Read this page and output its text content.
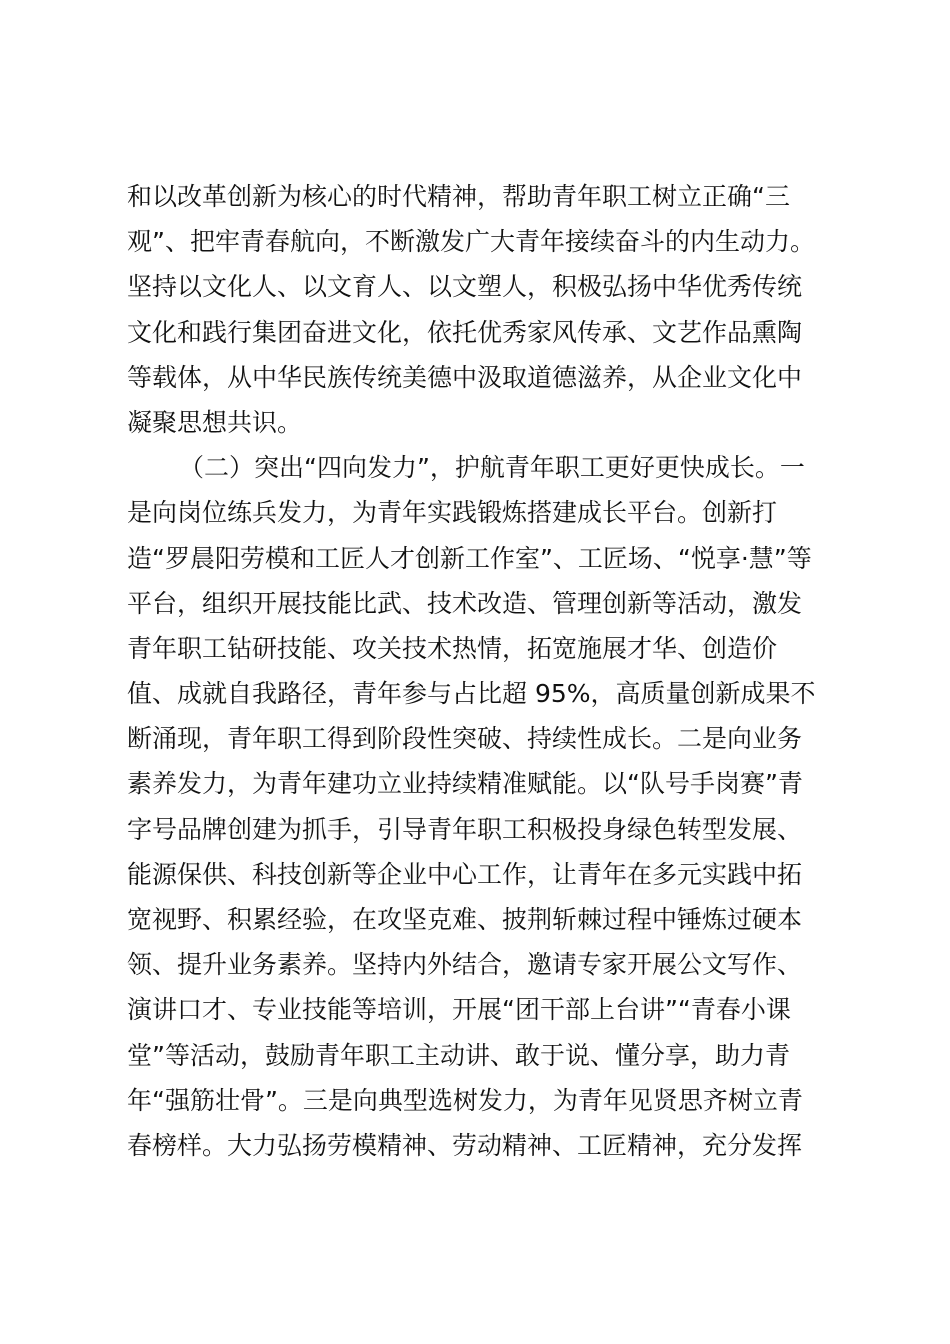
和以改革创新为核心的时代精神，帮助青年职工树立正确“三
观”、把牢青春航向，不断激发广大青年接续奋斗的内生动力。
坚持以文化人、以文育人、以文塑人，积极弘扬中华优秀传统
文化和践行集团奋进文化，依托优秀家风传承、文艺作品熏陶
等载体，从中华民族传统美德中汲取道德滋养，从企业文化中
凝聚思想共识。
（二）突出“四向发力”，护航青年职工更好更快成长。一
是向岗位练兵发力，为青年实践锻炼搭建成长平台。创新打
造“罗晨阳劳模和工匠人才创新工作室”、工匠场、“悦享·慧”等
平台，组织开展技能比武、技术改造、管理创新等活动，激发
青年职工钻研技能、攻关技术热情，拓宽施展才华、创造价
值、成就自我路径，青年参与占比超 95%，高质量创新成果不
断涌现，青年职工得到阶段性突破、持续性成长。二是向业务
素养发力，为青年建功立业持续精准赋能。以“队号手岗赛”青
字号品牌创建为抓手，引导青年职工积极投身绿色转型发展、
能源保供、科技创新等企业中心工作，让青年在多元实践中拓
宽视野、积累经验，在攻坚克难、披荆斩棘过程中锤炼过硬本
领、提升业务素养。坚持内外结合，邀请专家开展公文写作、
演讲口才、专业技能等培训，开展“团干部上台讲”“青春小课
堂”等活动，鼓励青年职工主动讲、敢于说、懂分享，助力青
年“强筋壮骨”。三是向典型选树发力，为青年见贤思齐树立青
春榜样。大力弘扬劳模精神、劳动精神、工匠精神，充分发挥
